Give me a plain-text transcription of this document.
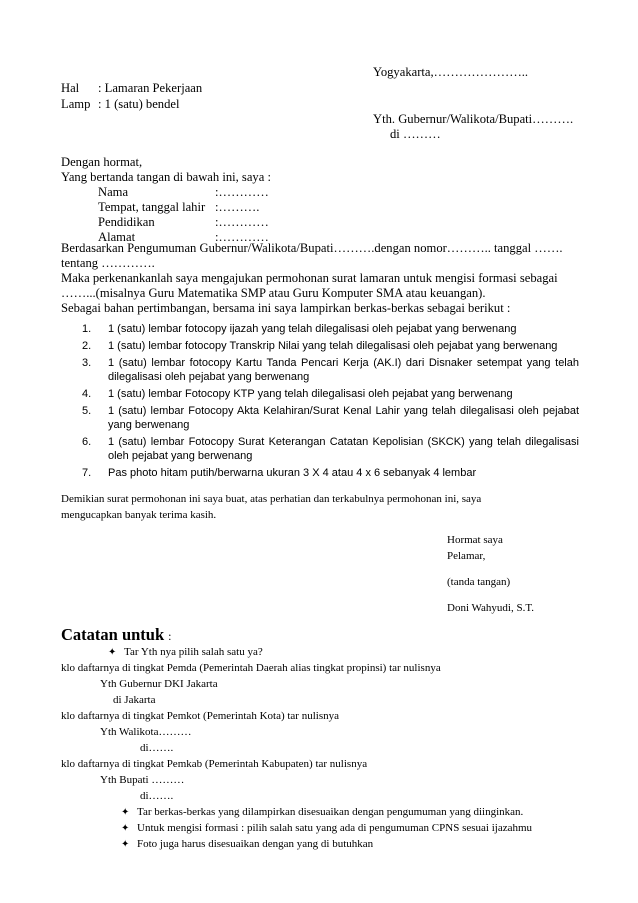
Yogyakarta,…………………..
Hal : Lamaran Pekerjaan
Lamp : 1 (satu) bendel
Yth. Gubernur/Walikota/Bupati……….
di ………
Dengan hormat,
Yang bertanda tangan di bawah ini, saya :
Nama	:…………
Tempat, tanggal lahir :……….
Pendidikan	:…………
Alamat	:…………
Berdasarkan Pengumuman Gubernur/Walikota/Bupati……….dengan nomor……….. tanggal …….
tentang ………….
Maka perkenankanlah saya mengajukan permohonan surat lamaran untuk mengisi formasi sebagai
……...(misalnya Guru Matematika SMP atau Guru Komputer SMA atau keuangan).
Sebagai bahan pertimbangan, bersama ini saya lampirkan berkas-berkas sebagai berikut :
1. 1 (satu) lembar fotocopy ijazah yang telah dilegalisasi oleh pejabat yang berwenang
2. 1 (satu) lembar fotocopy Transkrip Nilai yang telah dilegalisasi oleh pejabat yang berwenang
3. 1 (satu) lembar fotocopy Kartu Tanda Pencari Kerja (AK.I) dari Disnaker setempat yang telah dilegalisasi oleh pejabat yang berwenang
4. 1 (satu) lembar Fotocopy KTP yang telah dilegalisasi oleh pejabat yang berwenang
5. 1 (satu) lembar Fotocopy Akta Kelahiran/Surat Kenal Lahir yang telah dilegalisasi oleh pejabat yang berwenang
6. 1 (satu) lembar Fotocopy Surat Keterangan Catatan Kepolisian (SKCK) yang telah dilegalisasi oleh pejabat yang berwenang
7. Pas photo hitam putih/berwarna ukuran 3 X 4 atau 4 x 6 sebanyak 4 lembar
Demikian surat permohonan ini saya buat, atas perhatian dan terkabulnya permohonan ini, saya
mengucapkan banyak terima kasih.
Hormat saya
Pelamar,
(tanda tangan)
Doni Wahyudi, S.T.
Catatan untuk :
✦ Tar Yth nya pilih salah satu ya?
klo daftarnya di tingkat Pemda (Pemerintah Daerah alias tingkat propinsi) tar nulisnya
Yth Gubernur DKI Jakarta
di Jakarta
klo daftarnya di tingkat Pemkot (Pemerintah Kota) tar nulisnya
Yth Walikota………
di…….
klo daftarnya di tingkat Pemkab (Pemerintah Kabupaten) tar nulisnya
Yth Bupati ………
di…….
✦ Tar berkas-berkas yang dilampirkan disesuaikan dengan pengumuman yang diinginkan.
✦ Untuk mengisi formasi : pilih salah satu yang ada di pengumuman CPNS sesuai ijazahmu
✦ Foto juga harus disesuaikan dengan yang di butuhkan
